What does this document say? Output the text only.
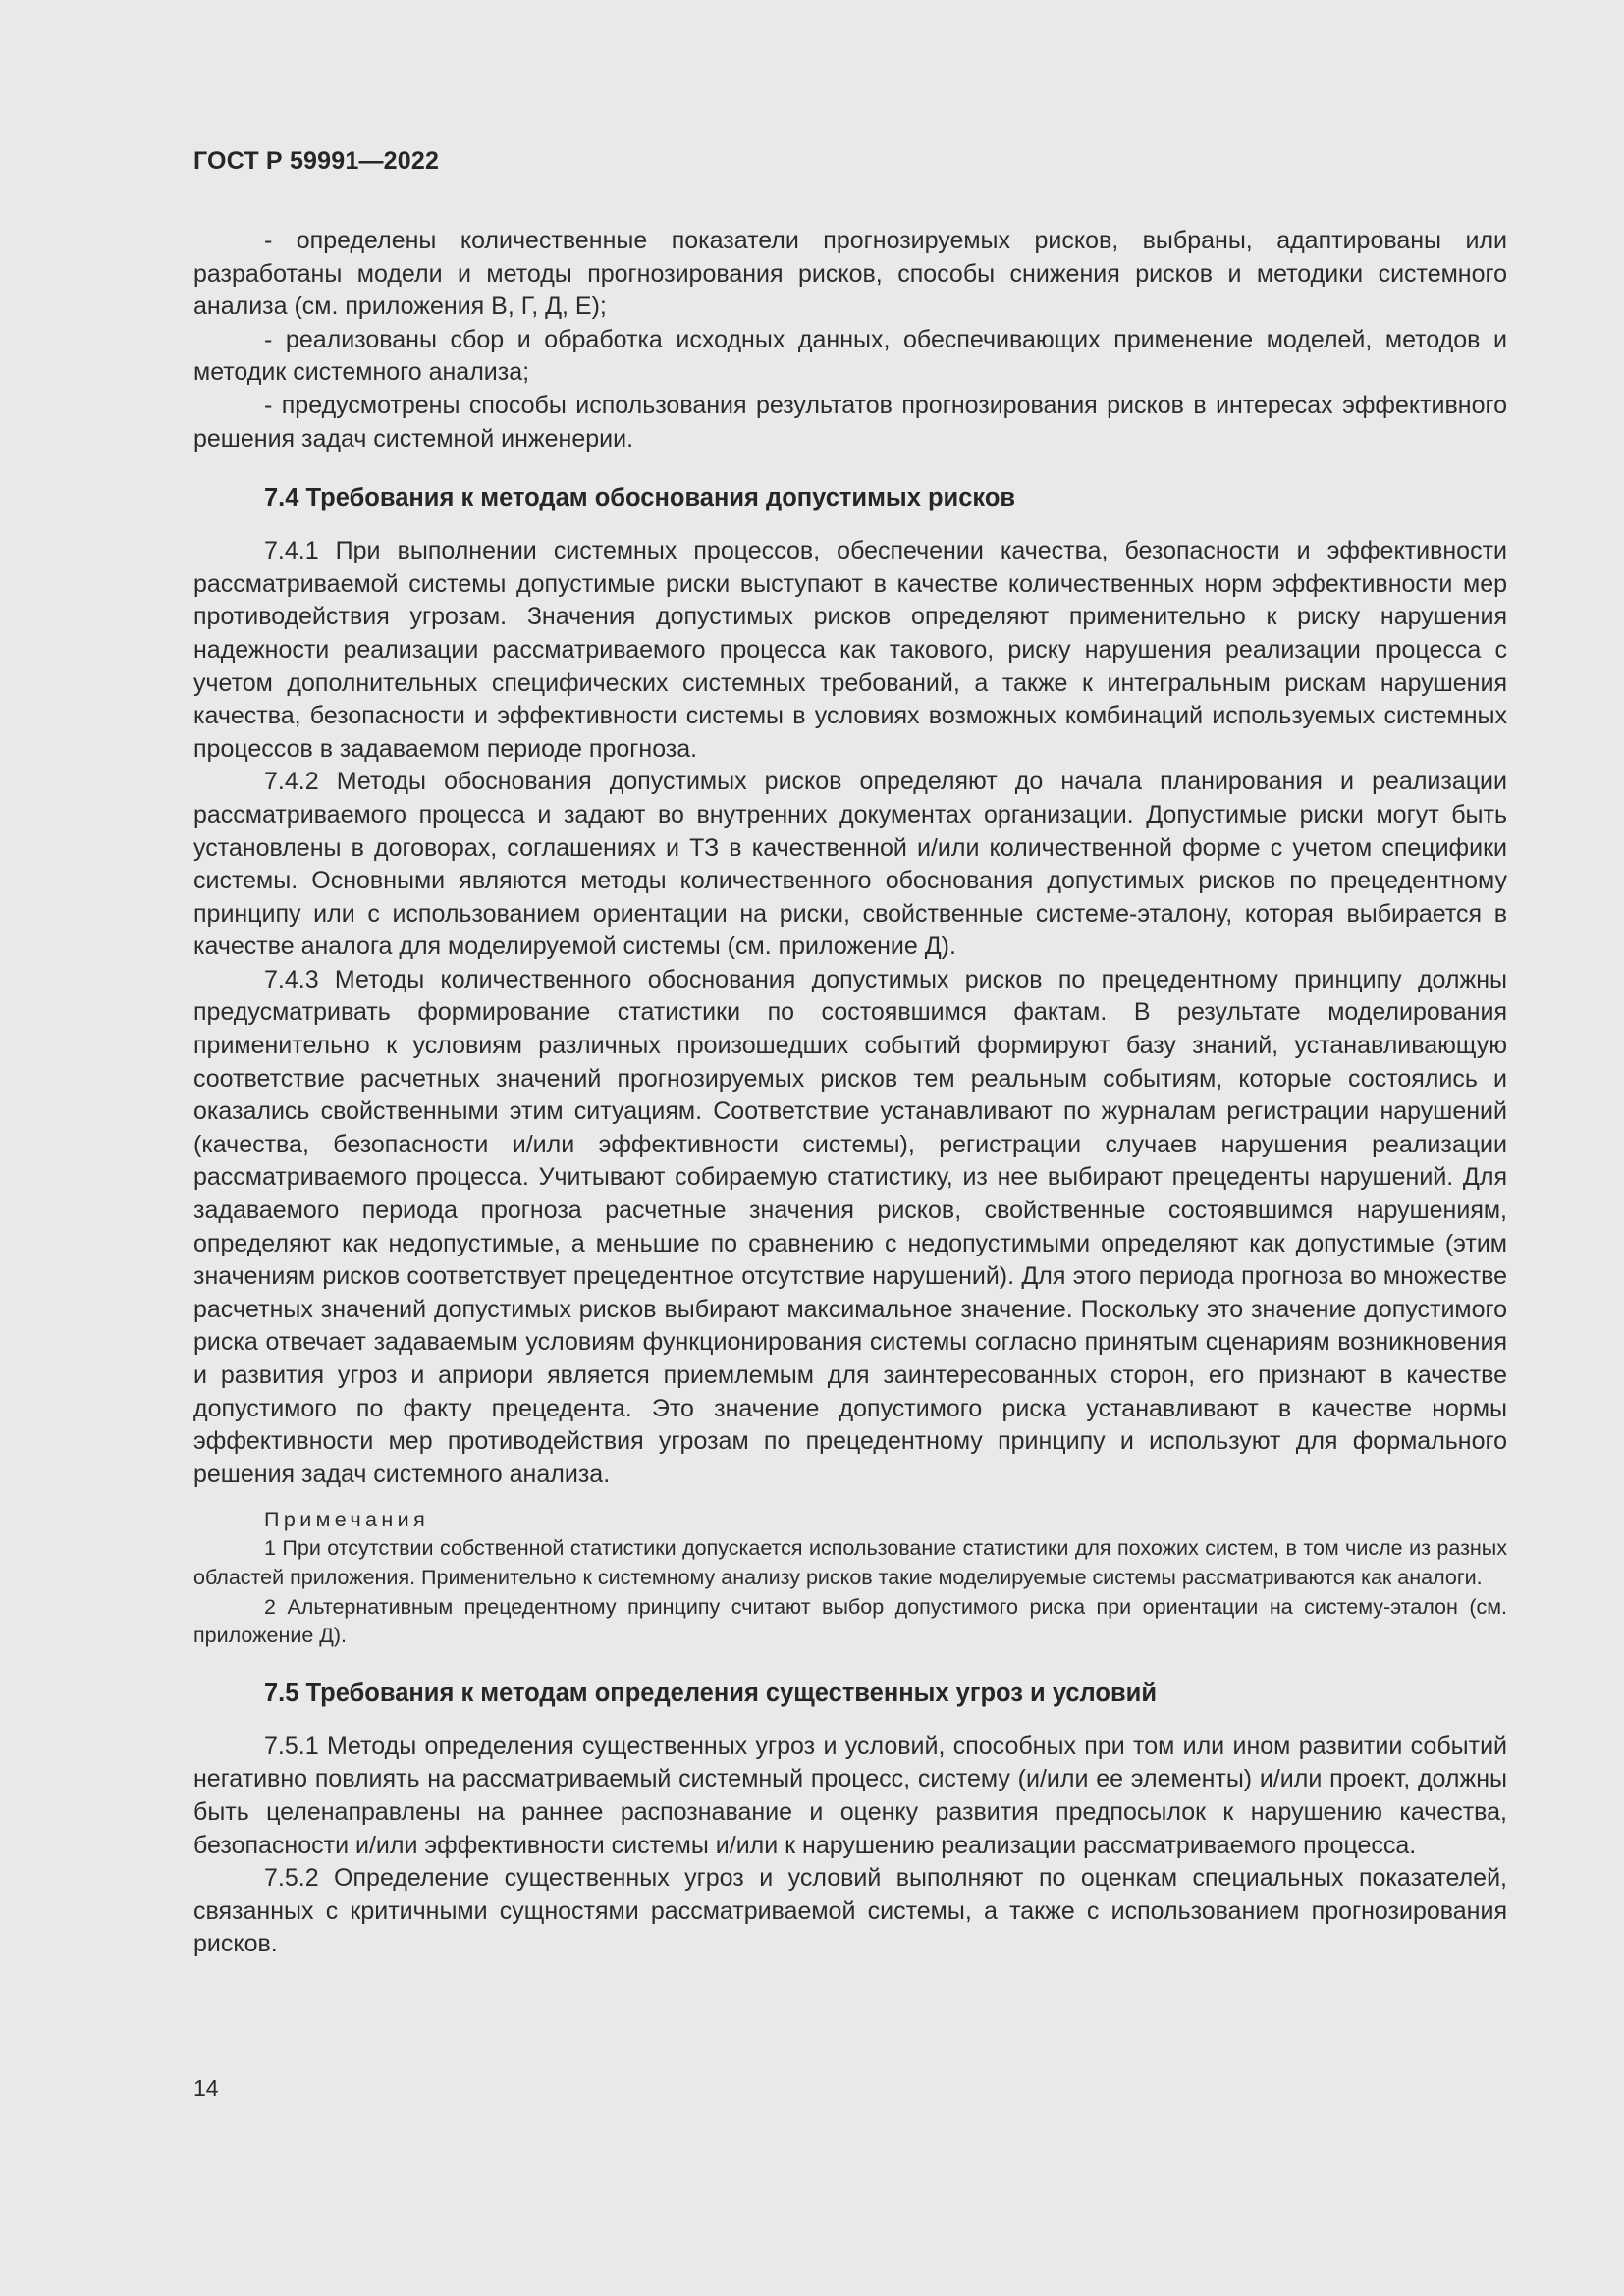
ГОСТ Р 59991—2022

- определены количественные показатели прогнозируемых рисков, выбраны, адаптированы или разработаны модели и методы прогнозирования рисков, способы снижения рисков и методики системного анализа (см. приложения В, Г, Д, Е);

- реализованы сбор и обработка исходных данных, обеспечивающих применение моделей, методов и методик системного анализа;

- предусмотрены способы использования результатов прогнозирования рисков в интересах эффективного решения задач системной инженерии.

7.4 Требования к методам обоснования допустимых рисков

7.4.1 При выполнении системных процессов, обеспечении качества, безопасности и эффективности рассматриваемой системы допустимые риски выступают в качестве количественных норм эффективности мер противодействия угрозам. Значения допустимых рисков определяют применительно к риску нарушения надежности реализации рассматриваемого процесса как такового, риску нарушения реализации процесса с учетом дополнительных специфических системных требований, а также к интегральным рискам нарушения качества, безопасности и эффективности системы в условиях возможных комбинаций используемых системных процессов в задаваемом периоде прогноза.

7.4.2 Методы обоснования допустимых рисков определяют до начала планирования и реализации рассматриваемого процесса и задают во внутренних документах организации. Допустимые риски могут быть установлены в договорах, соглашениях и ТЗ в качественной и/или количественной форме с учетом специфики системы. Основными являются методы количественного обоснования допустимых рисков по прецедентному принципу или с использованием ориентации на риски, свойственные системе-эталону, которая выбирается в качестве аналога для моделируемой системы (см. приложение Д).

7.4.3 Методы количественного обоснования допустимых рисков по прецедентному принципу должны предусматривать формирование статистики по состоявшимся фактам. В результате моделирования применительно к условиям различных произошедших событий формируют базу знаний, устанавливающую соответствие расчетных значений прогнозируемых рисков тем реальным событиям, которые состоялись и оказались свойственными этим ситуациям. Соответствие устанавливают по журналам регистрации нарушений (качества, безопасности и/или эффективности системы), регистрации случаев нарушения реализации рассматриваемого процесса. Учитывают собираемую статистику, из нее выбирают прецеденты нарушений. Для задаваемого периода прогноза расчетные значения рисков, свойственные состоявшимся нарушениям, определяют как недопустимые, а меньшие по сравнению с недопустимыми определяют как допустимые (этим значениям рисков соответствует прецедентное отсутствие нарушений). Для этого периода прогноза во множестве расчетных значений допустимых рисков выбирают максимальное значение. Поскольку это значение допустимого риска отвечает задаваемым условиям функционирования системы согласно принятым сценариям возникновения и развития угроз и априори является приемлемым для заинтересованных сторон, его признают в качестве допустимого по факту прецедента. Это значение допустимого риска устанавливают в качестве нормы эффективности мер противодействия угрозам по прецедентному принципу и используют для формального решения задач системного анализа.

Примечания

1 При отсутствии собственной статистики допускается использование статистики для похожих систем, в том числе из разных областей приложения. Применительно к системному анализу рисков такие моделируемые системы рассматриваются как аналоги.

2 Альтернативным прецедентному принципу считают выбор допустимого риска при ориентации на систему-эталон (см. приложение Д).

7.5 Требования к методам определения существенных угроз и условий

7.5.1 Методы определения существенных угроз и условий, способных при том или ином развитии событий негативно повлиять на рассматриваемый системный процесс, систему (и/или ее элементы) и/или проект, должны быть целенаправлены на раннее распознавание и оценку развития предпосылок к нарушению качества, безопасности и/или эффективности системы и/или к нарушению реализации рассматриваемого процесса.

7.5.2 Определение существенных угроз и условий выполняют по оценкам специальных показателей, связанных с критичными сущностями рассматриваемой системы, а также с использованием прогнозирования рисков.

14
